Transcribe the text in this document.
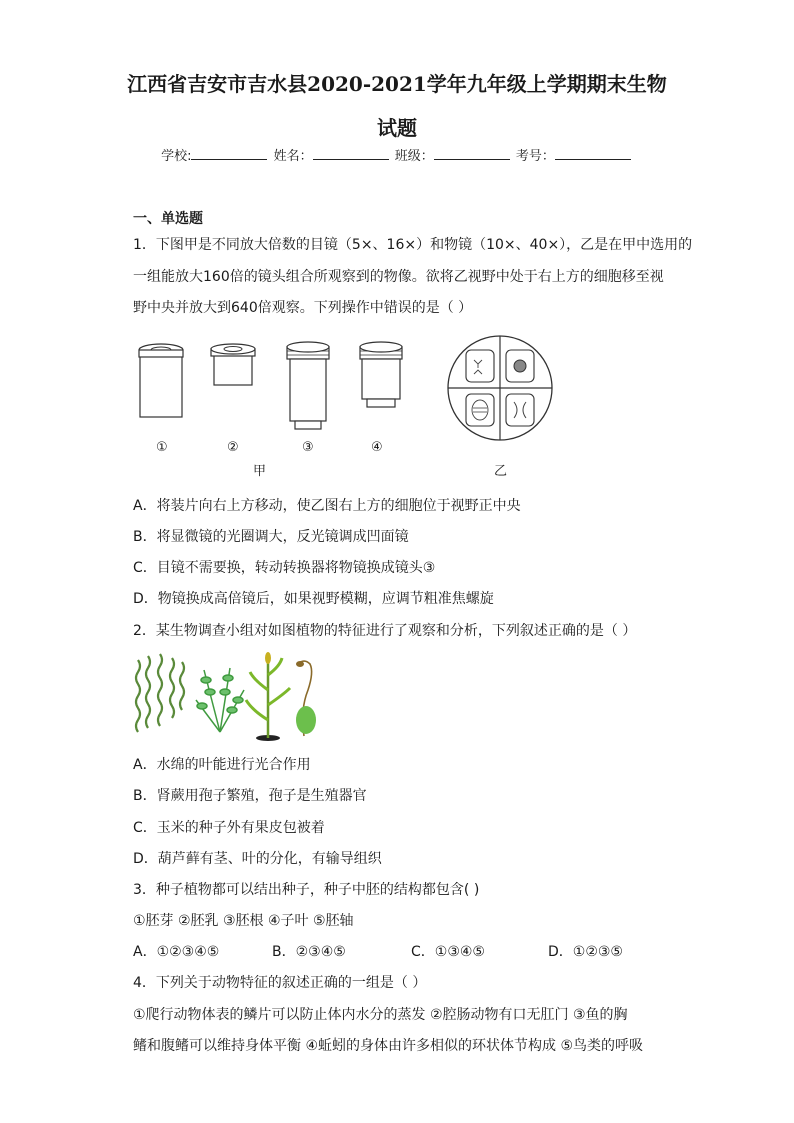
江西省吉安市吉水县2020-2021学年九年级上学期期末生物
试题
学校:	姓名：	班级：	考号：
一、单选题
1．下图甲是不同放大倍数的目镜（5×、16×）和物镜（10×、40×），乙是在甲中选用的
一组能放大160倍的镜头组合所观察到的物像。欲将乙视野中处于右上方的细胞移至视
野中央并放大到640倍观察。下列操作中错误的是（ ）
①	②	③	④
甲	乙
A．将装片向右上方移动，使乙图右上方的细胞位于视野正中央
B．将显微镜的光圈调大，反光镜调成凹面镜
C．目镜不需要换，转动转换器将物镜换成镜头③
D．物镜换成高倍镜后，如果视野模糊，应调节粗准焦螺旋
2．某生物调查小组对如图植物的特征进行了观察和分析，下列叙述正确的是（ ）
A．水绵的叶能进行光合作用
B．肾蕨用孢子繁殖，孢子是生殖器官
C．玉米的种子外有果皮包被着
D．葫芦藓有茎、叶的分化，有输导组织
3．种子植物都可以结出种子，种子中胚的结构都包含( )
①胚芽 ②胚乳 ③胚根 ④子叶 ⑤胚轴
A．①②③④⑤	B．②③④⑤	C．①③④⑤	D．①②③⑤
4．下列关于动物特征的叙述正确的一组是（ ）
①爬行动物体表的鳞片可以防止体内水分的蒸发 ②腔肠动物有口无肛门 ③鱼的胸
鳍和腹鳍可以维持身体平衡 ④蚯蚓的身体由许多相似的环状体节构成 ⑤鸟类的呼吸
